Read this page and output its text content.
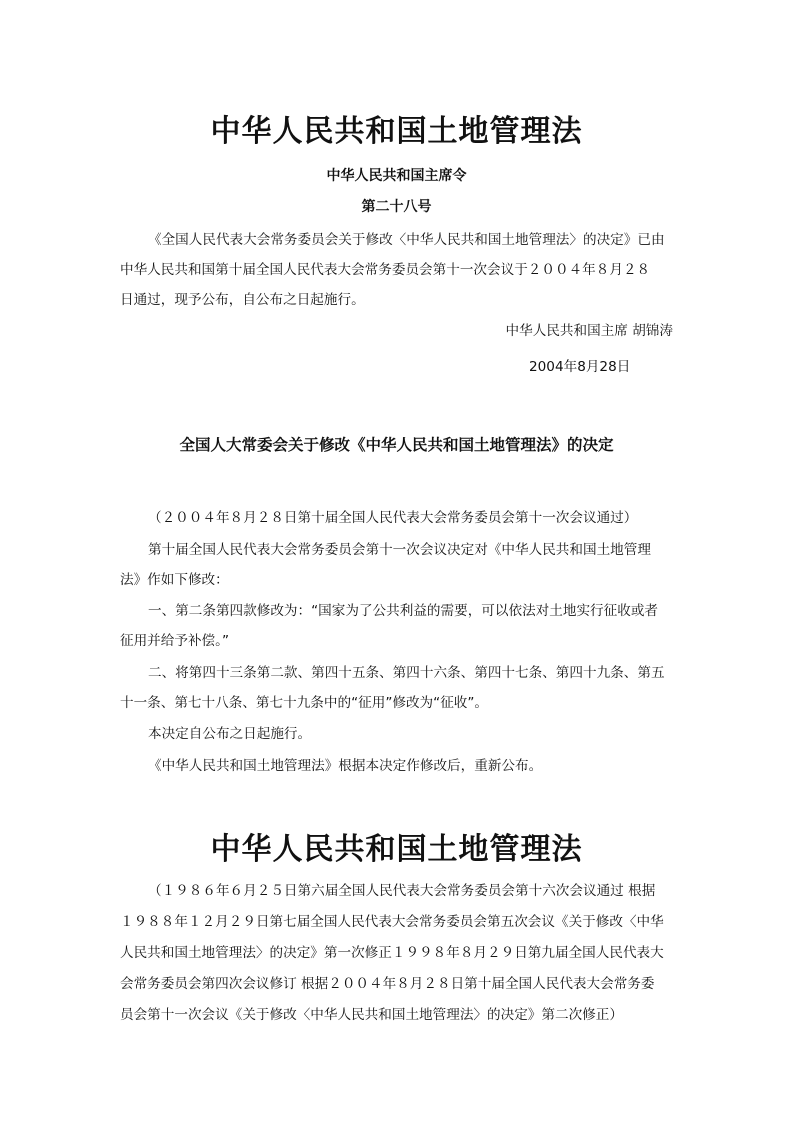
中华人民共和国土地管理法
中华人民共和国主席令
第二十八号
《全国人民代表大会常务委员会关于修改〈中华人民共和国土地管理法〉的决定》已由
中华人民共和国第十届全国人民代表大会常务委员会第十一次会议于２００４年８月２８
日通过，现予公布，自公布之日起施行。
中华人民共和国主席 胡锦涛
2004年8月28日
全国人大常委会关于修改《中华人民共和国土地管理法》的决定
（２００４年８月２８日第十届全国人民代表大会常务委员会第十一次会议通过）
第十届全国人民代表大会常务委员会第十一次会议决定对《中华人民共和国土地管理
法》作如下修改：
一、第二条第四款修改为：“国家为了公共利益的需要，可以依法对土地实行征收或者
征用并给予补偿。”
二、将第四十三条第二款、第四十五条、第四十六条、第四十七条、第四十九条、第五
十一条、第七十八条、第七十九条中的“征用”修改为“征收”。
本决定自公布之日起施行。
《中华人民共和国土地管理法》根据本决定作修改后，重新公布。
中华人民共和国土地管理法
（１９８６年６月２５日第六届全国人民代表大会常务委员会第十六次会议通过 根据
１９８８年１２月２９日第七届全国人民代表大会常务委员会第五次会议《关于修改〈中华
人民共和国土地管理法〉的决定》第一次修正１９９８年８月２９日第九届全国人民代表大
会常务委员会第四次会议修订 根据２００４年８月２８日第十届全国人民代表大会常务委
员会第十一次会议《关于修改〈中华人民共和国土地管理法〉的决定》第二次修正）
